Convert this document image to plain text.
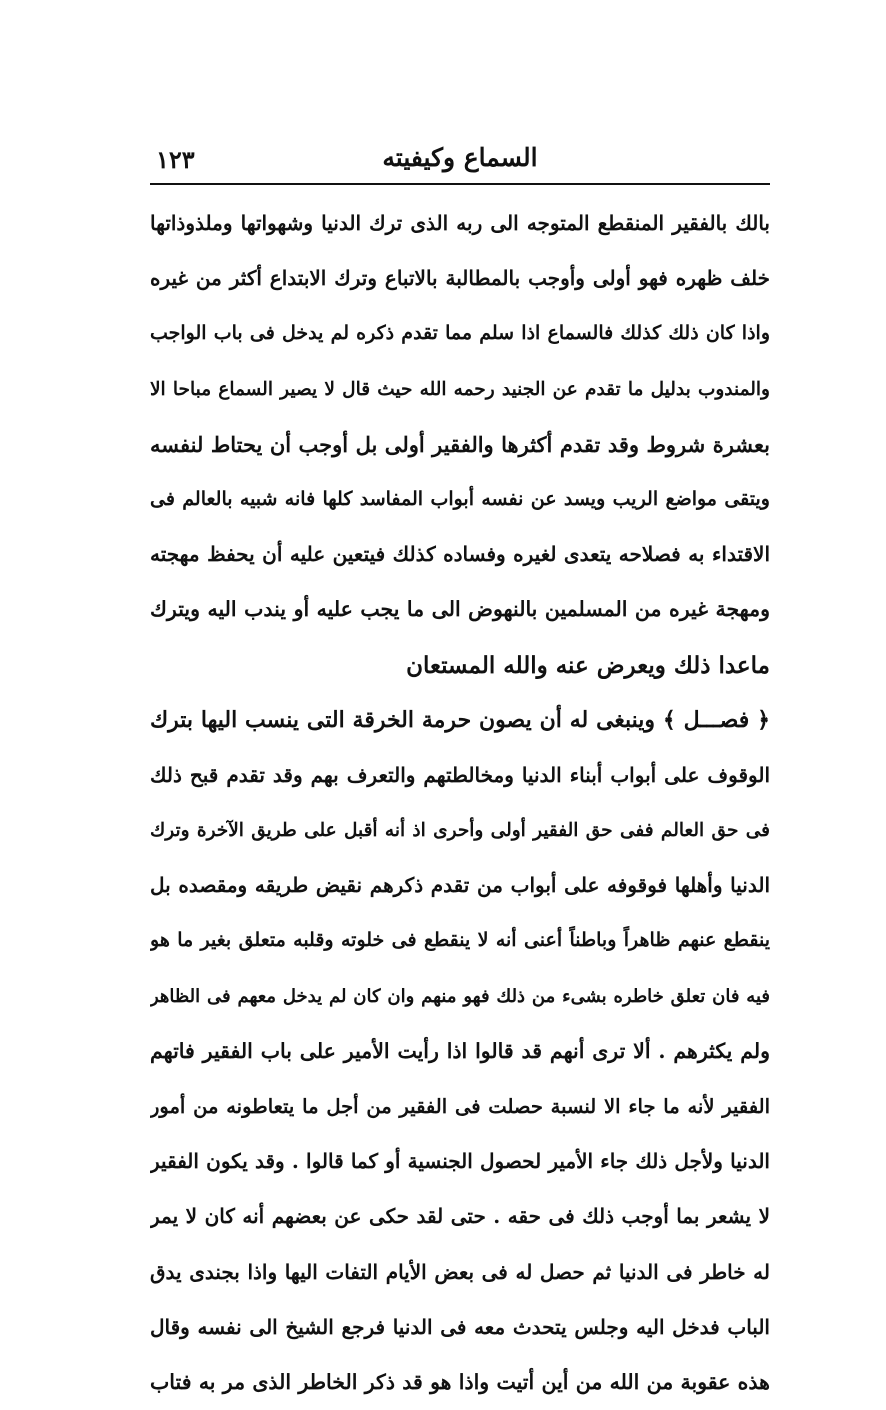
السماع وكيفيته
١٢٣
بالك بالفقير المنقطع المتوجه الى ربه الذى ترك الدنيا وشهواتها وملذوذاتها
خلف ظهره فهو أولى وأوجب بالمطالبة بالاتباع وترك الابتداع أكثر من غيره
واذا كان ذلك كذلك فالسماع اذا سلم مما تقدم ذكره لم يدخل فى باب الواجب
والمندوب بدليل ما تقدم عن الجنيد رحمه الله حيث قال لا يصير السماع مباحا الا
بعشرة شروط وقد تقدم أكثرها والفقير أولى بل أوجب أن يحتاط لنفسه
ويتقى مواضع الريب ويسد عن نفسه أبواب المفاسد كلها فانه شبيه بالعالم فى
الاقتداء به فصلاحه يتعدى لغيره وفساده كذلك فيتعين عليه أن يحفظ مهجته
ومهجة غيره من المسلمين بالنهوض الى ما يجب عليه أو يندب اليه ويترك
ماعدا ذلك ويعرض عنه والله المستعان
﴿ فصـــل ﴾ وينبغى له أن يصون حرمة الخرقة التى ينسب اليها بترك
الوقوف على أبواب أبناء الدنيا ومخالطتهم والتعرف بهم وقد تقدم قبح ذلك
فى حق العالم ففى حق الفقير أولى وأحرى اذ أنه أقبل على طريق الآخرة وترك
الدنيا وأهلها فوقوفه على أبواب من تقدم ذكرهم نقيض طريقه ومقصده بل
ينقطع عنهم ظاهراً وباطناً أعنى أنه لا ينقطع فى خلوته وقلبه متعلق بغير ما هو
فيه فان تعلق خاطره بشىء من ذلك فهو منهم وان كان لم يدخل معهم فى الظاهر
ولم يكثرهم . ألا ترى أنهم قد قالوا اذا رأيت الأمير على باب الفقير فاتهم
الفقير لأنه ما جاء الا لنسبة حصلت فى الفقير من أجل ما يتعاطونه من أمور
الدنيا ولأجل ذلك جاء الأمير لحصول الجنسية أو كما قالوا . وقد يكون الفقير
لا يشعر بما أوجب ذلك فى حقه . حتى لقد حكى عن بعضهم أنه كان لا يمر
له خاطر فى الدنيا ثم حصل له فى بعض الأيام التفات اليها واذا بجندى يدق
الباب فدخل اليه وجلس يتحدث معه فى الدنيا فرجع الشيخ الى نفسه وقال
هذه عقوبة من الله من أين أتيت واذا هو قد ذكر الخاطر الذى مر به فتاب
